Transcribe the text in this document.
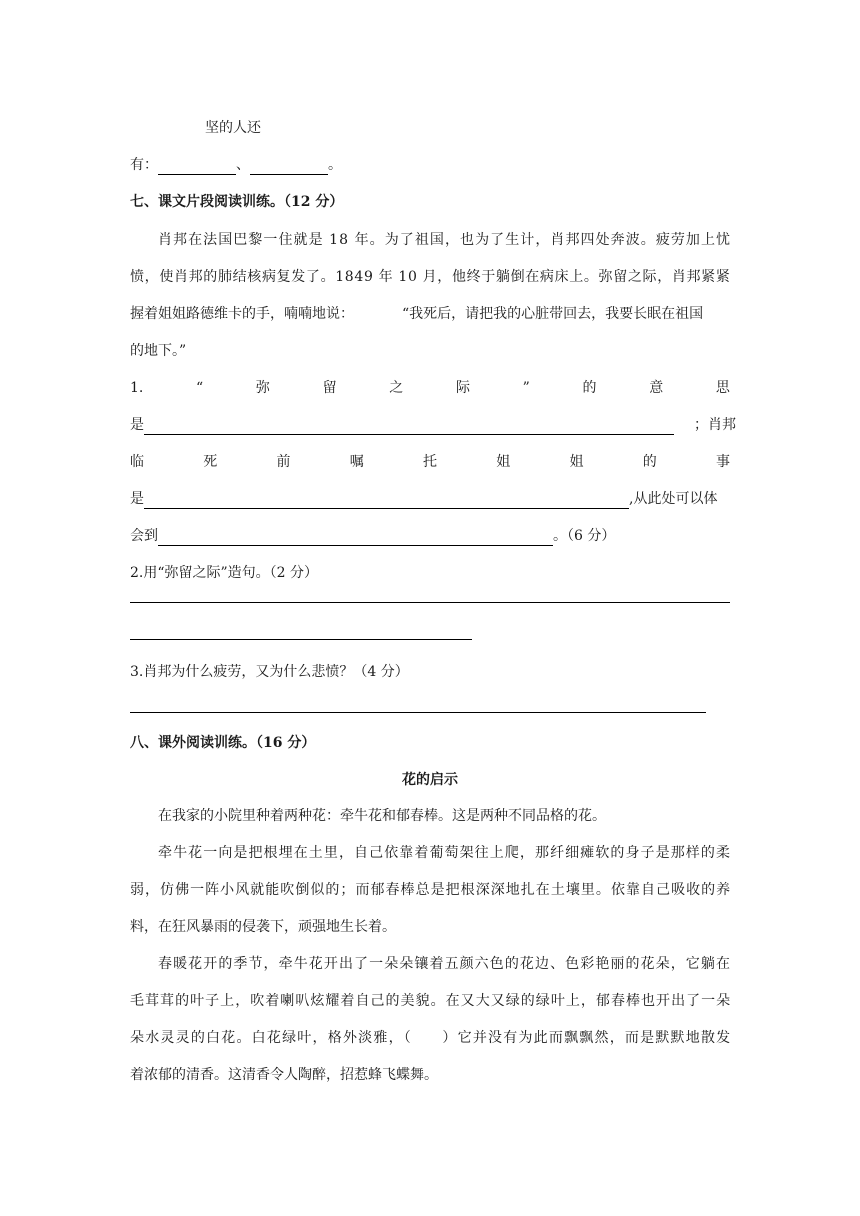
坚的人还
有：	、	。
七、课文片段阅读训练。（12 分）
肖邦在法国巴黎一住就是 18 年。为了祖国，也为了生计，肖邦四处奔波。疲劳加上忧
愤，使肖邦的肺结核病复发了。1849 年 10 月，他终于躺倒在病床上。弥留之际，肖邦紧紧
握着姐姐路德维卡的手，喃喃地说：	“我死后，请把我的心脏带回去，我要长眠在祖国
的地下。”
1.	“	弥	留	之	际	”	的	意	思
是	；肖邦
临	死	前	嘱	托	姐	姐	的	事
是	,从此处可以体
会到	。（6 分）
2.用“弥留之际”造句。（2 分）
3.肖邦为什么疲劳，又为什么悲愤？（4 分）
八、课外阅读训练。（16 分）
花的启示
在我家的小院里种着两种花：牵牛花和郁春棒。这是两种不同品格的花。
牵牛花一向是把根埋在土里，自己依靠着葡萄架往上爬，那纤细瘫软的身子是那样的柔
弱，仿佛一阵小风就能吹倒似的；而郁春棒总是把根深深地扎在土壤里。依靠自己吸收的养
料，在狂风暴雨的侵袭下，顽强地生长着。
春暖花开的季节，牵牛花开出了一朵朵镶着五颜六色的花边、色彩艳丽的花朵，它躺在
毛茸茸的叶子上，吹着喇叭炫耀着自己的美貌。在又大又绿的绿叶上，郁春棒也开出了一朵
朵水灵灵的白花。白花绿叶，格外淡雅，（　　）它并没有为此而飘飘然，而是默默地散发
着浓郁的清香。这清香令人陶醉，招惹蜂飞蝶舞。
